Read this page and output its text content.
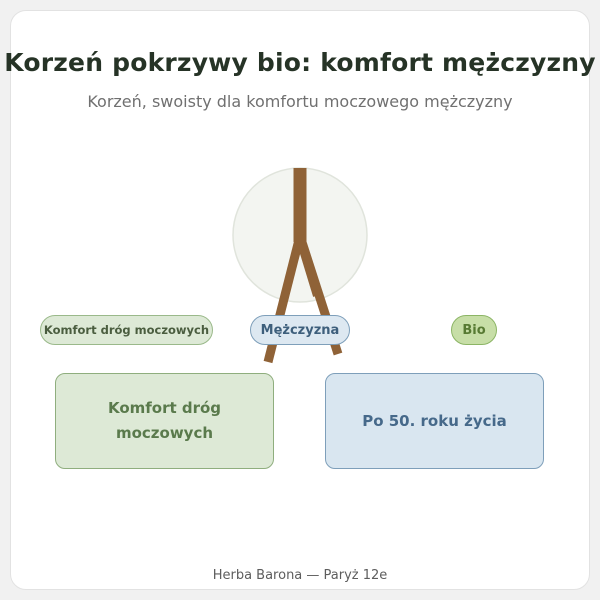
Korzeń pokrzywy bio: komfort mężczyzny
Korzeń, swoisty dla komfortu moczowego mężczyzny
Komfort dróg moczowych	Mężczyzna	Bio
Komfort dróg moczowych
Po 50. roku życia
Herba Barona — Paryż 12e
